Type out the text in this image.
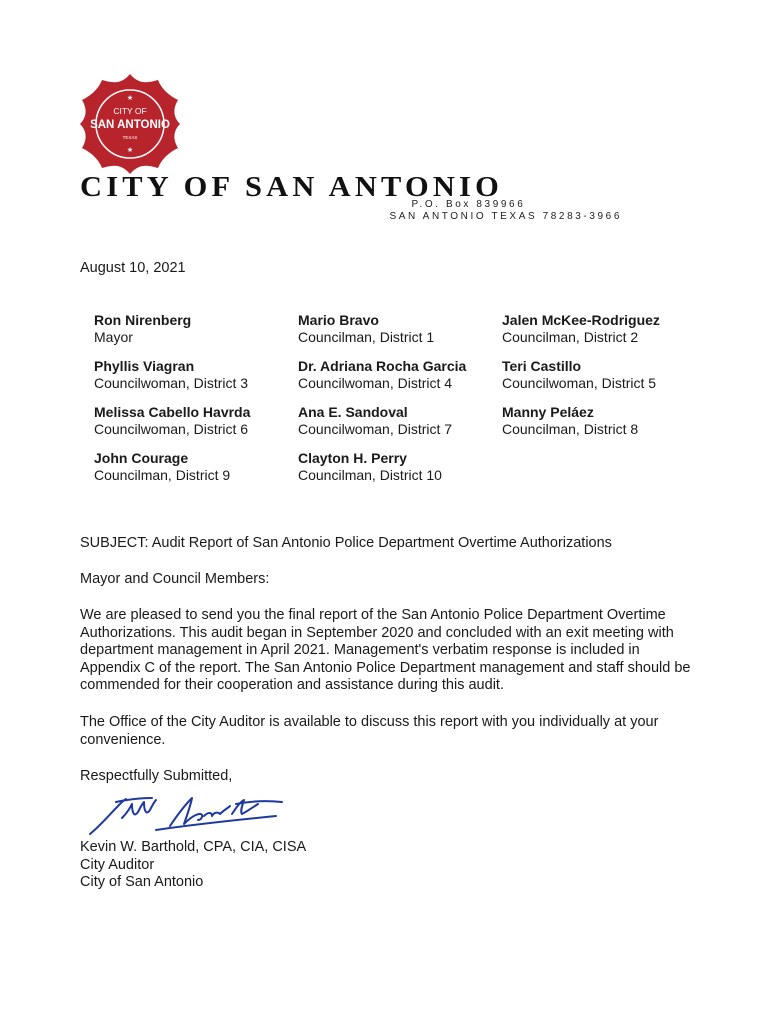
★
CITY OF
SAN ANTONIO
TEXAS
★
CITY OF SAN ANTONIO
P.O. Box 839966
SAN ANTONIO TEXAS 78283-3966
August 10, 2021
Ron Nirenberg
Mayor
Mario Bravo
Councilman, District 1
Jalen McKee-Rodriguez
Councilman, District 2
Phyllis Viagran
Councilwoman, District 3
Dr. Adriana Rocha Garcia
Councilwoman, District 4
Teri Castillo
Councilwoman, District 5
Melissa Cabello Havrda
Councilwoman, District 6
Ana E. Sandoval
Councilwoman, District 7
Manny Peláez
Councilman, District 8
John Courage
Councilman, District 9
Clayton H. Perry
Councilman, District 10
SUBJECT: Audit Report of San Antonio Police Department Overtime Authorizations
Mayor and Council Members:
We are pleased to send you the final report of the San Antonio Police Department Overtime Authorizations. This audit began in September 2020 and concluded with an exit meeting with department management in April 2021. Management's verbatim response is included in Appendix C of the report. The San Antonio Police Department management and staff should be commended for their cooperation and assistance during this audit.
The Office of the City Auditor is available to discuss this report with you individually at your convenience.
Respectfully Submitted,
Kevin W. Barthold, CPA, CIA, CISA
City Auditor
City of San Antonio
